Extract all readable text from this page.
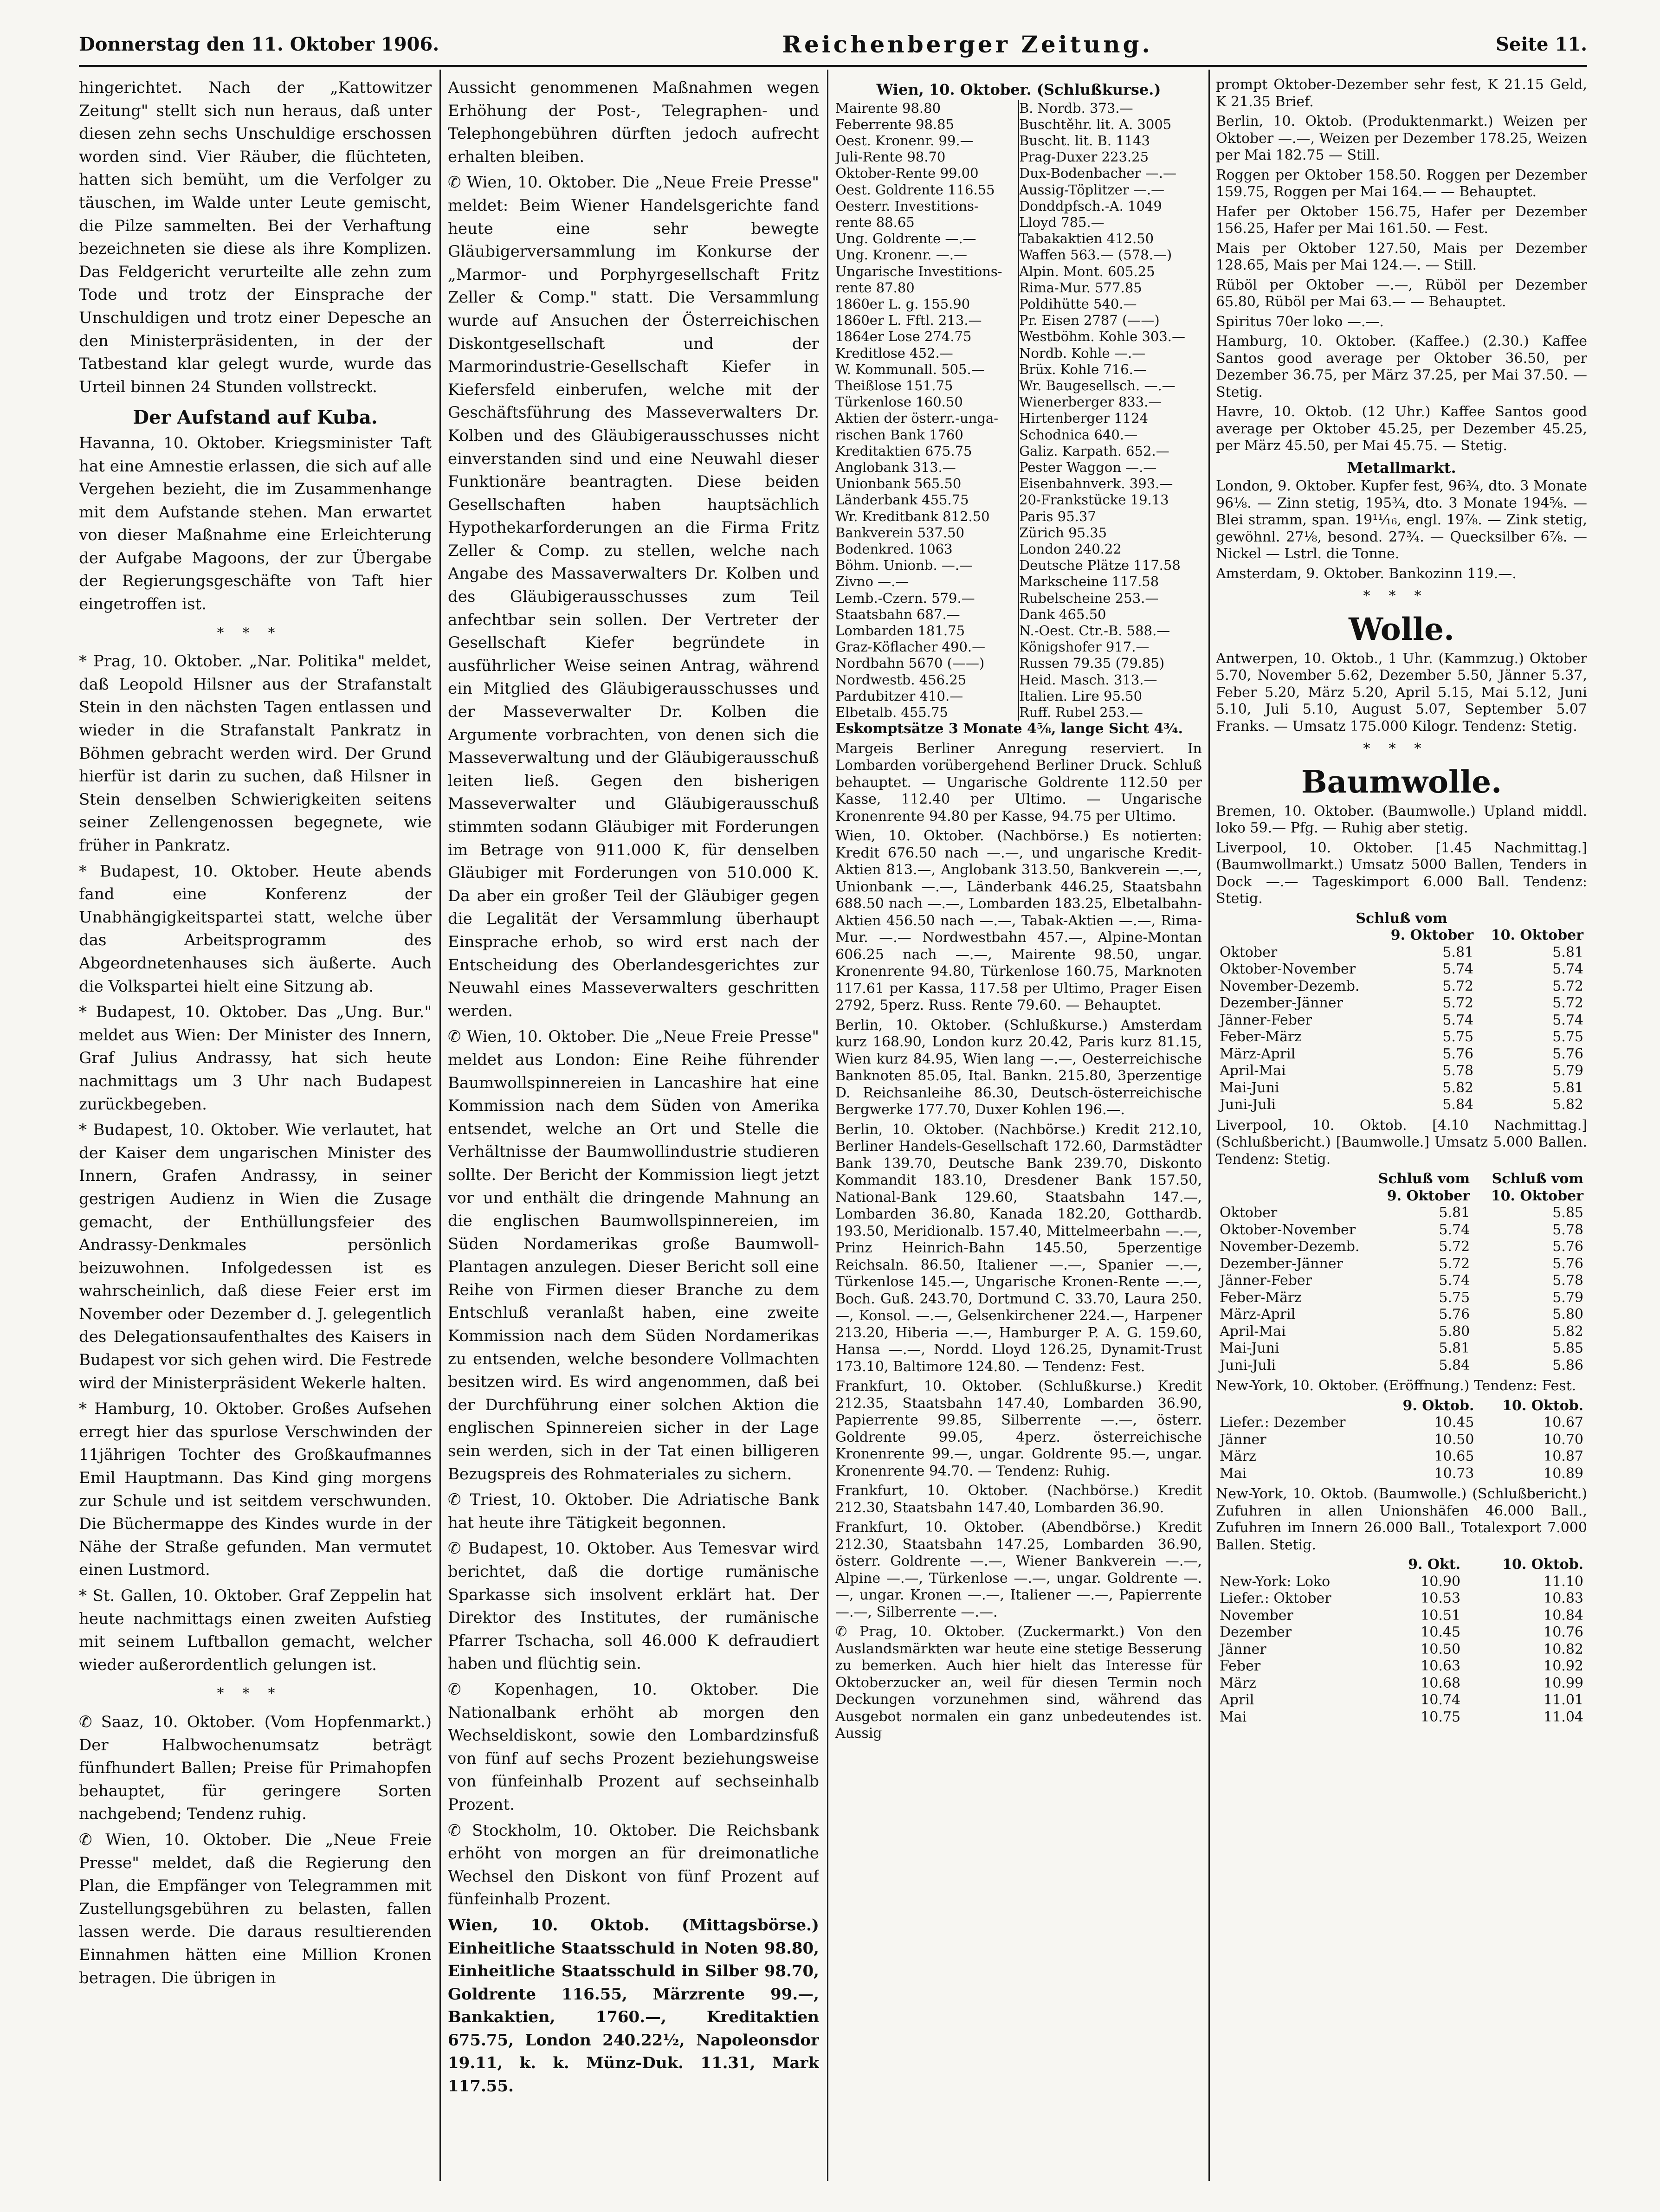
Donnerstag den 11. Oktober 1906.	Reichenberger Zeitung.	Seite 11.

hingerichtet. Nach der „Kattowitzer Zeitung" stellt sich nun heraus, daß unter diesen zehn sechs Unschuldige erschossen worden sind. Vier Räuber, die flüchteten, hatten sich bemüht, um die Verfolger zu täuschen, im Walde unter Leute gemischt, die Pilze sammelten. Bei der Verhaftung bezeichneten sie diese als ihre Komplizen. Das Feldgericht verurteilte alle zehn zum Tode und trotz der Einsprache der Unschuldigen und trotz einer Depesche an den Ministerpräsidenten, in der der Tatbestand klar gelegt wurde, wurde das Urteil binnen 24 Stunden vollstreckt.

Der Aufstand auf Kuba.

Havanna, 10. Oktober. Kriegsminister Taft hat eine Amnestie erlassen, die sich auf alle Vergehen bezieht, die im Zusammenhange mit dem Aufstande stehen. Man erwartet von dieser Maßnahme eine Erleichterung der Aufgabe Magoons, der zur Übergabe der Regierungsgeschäfte von Taft hier eingetroffen ist.

***

* Prag, 10. Oktober. „Nar. Politika" meldet, daß Leopold Hilsner aus der Strafanstalt Stein in den nächsten Tagen entlassen und wieder in die Strafanstalt Pankratz in Böhmen gebracht werden wird. Der Grund hierfür ist darin zu suchen, daß Hilsner in Stein denselben Schwierigkeiten seitens seiner Zellengenossen begegnete, wie früher in Pankratz.

* Budapest, 10. Oktober. Heute abends fand eine Konferenz der Unabhängigkeitspartei statt, welche über das Arbeitsprogramm des Abgeordnetenhauses sich äußerte. Auch die Volkspartei hielt eine Sitzung ab.

* Budapest, 10. Oktober. Das „Ung. Bur." meldet aus Wien: Der Minister des Innern, Graf Julius Andrassy, hat sich heute nachmittags um 3 Uhr nach Budapest zurückbegeben.

* Budapest, 10. Oktober. Wie verlautet, hat der Kaiser dem ungarischen Minister des Innern, Grafen Andrassy, in seiner gestrigen Audienz in Wien die Zusage gemacht, der Enthüllungsfeier des Andrassy-Denkmales persönlich beizuwohnen. Infolgedessen ist es wahrscheinlich, daß diese Feier erst im November oder Dezember d. J. gelegentlich des Delegationsaufenthaltes des Kaisers in Budapest vor sich gehen wird. Die Festrede wird der Ministerpräsident Wekerle halten.

* Hamburg, 10. Oktober. Großes Aufsehen erregt hier das spurlose Verschwinden der 11jährigen Tochter des Großkaufmannes Emil Hauptmann. Das Kind ging morgens zur Schule und ist seitdem verschwunden. Die Büchermappe des Kindes wurde in der Nähe der Straße gefunden. Man vermutet einen Lustmord.

* St. Gallen, 10. Oktober. Graf Zeppelin hat heute nachmittags einen zweiten Aufstieg mit seinem Luftballon gemacht, welcher wieder außerordentlich gelungen ist.

***

✆ Saaz, 10. Oktober. (Vom Hopfenmarkt.) Der Halbwochenumsatz beträgt fünfhundert Ballen; Preise für Primahopfen behauptet, für geringere Sorten nachgebend; Tendenz ruhig.

✆ Wien, 10. Oktober. Die „Neue Freie Presse" meldet, daß die Regierung den Plan, die Empfänger von Telegrammen mit Zustellungsgebühren zu belasten, fallen lassen werde. Die daraus resultierenden Einnahmen hätten eine Million Kronen betragen. Die übrigen in

Aussicht genommenen Maßnahmen wegen Erhöhung der Post-, Telegraphen- und Telephongebühren dürften jedoch aufrecht erhalten bleiben.

✆ Wien, 10. Oktober. Die „Neue Freie Presse" meldet: Beim Wiener Handelsgerichte fand heute eine sehr bewegte Gläubigerversammlung im Konkurse der „Marmor- und Porphyrgesellschaft Fritz Zeller & Comp." statt. Die Versammlung wurde auf Ansuchen der Österreichischen Diskontgesellschaft und der Marmorindustrie-Gesellschaft Kiefer in Kiefersfeld einberufen, welche mit der Geschäftsführung des Masseverwalters Dr. Kolben und des Gläubigerausschusses nicht einverstanden sind und eine Neuwahl dieser Funktionäre beantragten. Diese beiden Gesellschaften haben hauptsächlich Hypothekarforderungen an die Firma Fritz Zeller & Comp. zu stellen, welche nach Angabe des Massaverwalters Dr. Kolben und des Gläubigerausschusses zum Teil anfechtbar sein sollen. Der Vertreter der Gesellschaft Kiefer begründete in ausführlicher Weise seinen Antrag, während ein Mitglied des Gläubigerausschusses und der Masseverwalter Dr. Kolben die Argumente vorbrachten, von denen sich die Masseverwaltung und der Gläubigerausschuß leiten ließ. Gegen den bisherigen Masseverwalter und Gläubigerausschuß stimmten sodann Gläubiger mit Forderungen im Betrage von 911.000 K, für denselben Gläubiger mit Forderungen von 510.000 K. Da aber ein großer Teil der Gläubiger gegen die Legalität der Versammlung überhaupt Einsprache erhob, so wird erst nach der Entscheidung des Oberlandesgerichtes zur Neuwahl eines Masseverwalters geschritten werden.

✆ Wien, 10. Oktober. Die „Neue Freie Presse" meldet aus London: Eine Reihe führender Baumwollspinnereien in Lancashire hat eine Kommission nach dem Süden von Amerika entsendet, welche an Ort und Stelle die Verhältnisse der Baumwollindustrie studieren sollte. Der Bericht der Kommission liegt jetzt vor und enthält die dringende Mahnung an die englischen Baumwollspinnereien, im Süden Nordamerikas große Baumwoll-Plantagen anzulegen. Dieser Bericht soll eine Reihe von Firmen dieser Branche zu dem Entschluß veranlaßt haben, eine zweite Kommission nach dem Süden Nordamerikas zu entsenden, welche besondere Vollmachten besitzen wird. Es wird angenommen, daß bei der Durchführung einer solchen Aktion die englischen Spinnereien sicher in der Lage sein werden, sich in der Tat einen billigeren Bezugspreis des Rohmateriales zu sichern.

✆ Triest, 10. Oktober. Die Adriatische Bank hat heute ihre Tätigkeit begonnen.

✆ Budapest, 10. Oktober. Aus Temesvar wird berichtet, daß die dortige rumänische Sparkasse sich insolvent erklärt hat. Der Direktor des Institutes, der rumänische Pfarrer Tschacha, soll 46.000 K defraudiert haben und flüchtig sein.

✆ Kopenhagen, 10. Oktober. Die Nationalbank erhöht ab morgen den Wechseldiskont, sowie den Lombardzinsfuß von fünf auf sechs Prozent beziehungsweise von fünfeinhalb Prozent auf sechseinhalb Prozent.

✆ Stockholm, 10. Oktober. Die Reichsbank erhöht von morgen an für dreimonatliche Wechsel den Diskont von fünf Prozent auf fünfeinhalb Prozent.

Wien, 10. Oktob. (Mittagsbörse.) Einheitliche Staatsschuld in Noten 98.80, Einheitliche Staatsschuld in Silber 98.70, Goldrente 116.55, Märzrente 99.—, Bankaktien, 1760.—, Kreditaktien 675.75, London 240.22½, Napoleonsdor 19.11, k. k. Münz-Duk. 11.31, Mark 117.55.

Wien, 10. Oktober. (Schlußkurse.)
Mairente 98.80	B. Nordb. 373.—
Feberrente 98.85	Buschtěhr. lit. A. 3005
Oest. Kronenr. 99.—	Buscht. lit. B. 1143
Juli-Rente 98.70	Prag-Duxer 223.25
Oktober-Rente 99.00	Dux-Bodenbacher —.—
Oest. Goldrente 116.55	Aussig-Töplitzer —.—
Oesterr. Investitions-	Donddpfsch.-A. 1049
rente 88.65	Lloyd 785.—
Ung. Goldrente —.—	Tabakaktien 412.50
Ung. Kronenr. —.—	Waffen 563.— (578.—)
Ungarische Investitions-	Alpin. Mont. 605.25
rente 87.80	Rima-Mur. 577.85
1860er L. g. 155.90	Poldihütte 540.—
1860er L. Fftl. 213.—	Pr. Eisen 2787 (——)
1864er Lose 274.75	Westböhm. Kohle 303.—
Kreditlose 452.—	Nordb. Kohle —.—
W. Kommunall. 505.—	Brüx. Kohle 716.—
Theißlose 151.75	Wr. Baugesellsch. —.—
Türkenlose 160.50	Wienerberger 833.—
Aktien der österr.-unga-	Hirtenberger 1124
rischen Bank 1760	Schodnica 640.—
Kreditaktien 675.75	Galiz. Karpath. 652.—
Anglobank 313.—	Pester Waggon —.—
Unionbank 565.50	Eisenbahnverk. 393.—
Länderbank 455.75	20-Frankstücke 19.13
Wr. Kreditbank 812.50	Paris 95.37
Bankverein 537.50	Zürich 95.35
Bodenkred. 1063	London 240.22
Böhm. Unionb. —.—	Deutsche Plätze 117.58
Zivno —.—	Markscheine 117.58
Lemb.-Czern. 579.—	Rubelscheine 253.—
Staatsbahn 687.—	Dank 465.50
Lombarden 181.75	N.-Oest. Ctr.-B. 588.—
Graz-Köflacher 490.—	Königshofer 917.—
Nordbahn 5670 (——)	Russen 79.35 (79.85)
Nordwestb. 456.25	Heid. Masch. 313.—
Pardubitzer 410.—	Italien. Lire 95.50
Elbetalb. 455.75	Ruff. Rubel 253.—

Eskomptsätze 3 Monate 4⅝, lange Sicht 4¾.

Margeis Berliner Anregung reserviert. In Lombarden vorübergehend Berliner Druck. Schluß behauptet. — Ungarische Goldrente 112.50 per Kasse, 112.40 per Ultimo. — Ungarische Kronenrente 94.80 per Kasse, 94.75 per Ultimo.

Wien, 10. Oktober. (Nachbörse.) Es notierten: Kredit 676.50 nach —.—, und ungarische Kredit-Aktien 813.—, Anglobank 313.50, Bankverein —.—, Unionbank —.—, Länderbank 446.25, Staatsbahn 688.50 nach —.—, Lombarden 183.25, Elbetalbahn-Aktien 456.50 nach —.—, Tabak-Aktien —.—, Rima-Mur. —.— Nordwestbahn 457.—, Alpine-Montan 606.25 nach —.—, Mairente 98.50, ungar. Kronenrente 94.80, Türkenlose 160.75, Marknoten 117.61 per Kassa, 117.58 per Ultimo, Prager Eisen 2792, 5perz. Russ. Rente 79.60. — Behauptet.

Berlin, 10. Oktober. (Schlußkurse.) Amsterdam kurz 168.90, London kurz 20.42, Paris kurz 81.15, Wien kurz 84.95, Wien lang —.—, Oesterreichische Banknoten 85.05, Ital. Bankn. 215.80, 3perzentige D. Reichsanleihe 86.30, Deutsch-österreichische Bergwerke 177.70, Duxer Kohlen 196.—.

Berlin, 10. Oktober. (Nachbörse.) Kredit 212.10, Berliner Handels-Gesellschaft 172.60, Darmstädter Bank 139.70, Deutsche Bank 239.70, Diskonto Kommandit 183.10, Dresdener Bank 157.50, National-Bank 129.60, Staatsbahn 147.—, Lombarden 36.80, Kanada 182.20, Gotthardb. 193.50, Meridionalb. 157.40, Mittelmeerbahn —.—, Prinz Heinrich-Bahn 145.50, 5perzentige Reichsaln. 86.50, Italiener —.—, Spanier —.—, Türkenlose 145.—, Ungarische Kronen-Rente —.—, Boch. Guß. 243.70, Dortmund C. 33.70, Laura 250.—, Konsol. —.—, Gelsenkirchener 224.—, Harpener 213.20, Hiberia —.—, Hamburger P. A. G. 159.60, Hansa —.—, Nordd. Lloyd 126.25, Dynamit-Trust 173.10, Baltimore 124.80. — Tendenz: Fest.

Frankfurt, 10. Oktober. (Schlußkurse.) Kredit 212.35, Staatsbahn 147.40, Lombarden 36.90, Papierrente 99.85, Silberrente —.—, österr. Goldrente 99.05, 4perz. österreichische Kronenrente 99.—, ungar. Goldrente 95.—, ungar. Kronenrente 94.70. — Tendenz: Ruhig.

Frankfurt, 10. Oktober. (Nachbörse.) Kredit 212.30, Staatsbahn 147.40, Lombarden 36.90.

Frankfurt, 10. Oktober. (Abendbörse.) Kredit 212.30, Staatsbahn 147.25, Lombarden 36.90, österr. Goldrente —.—, Wiener Bankverein —.—, Alpine —.—, Türkenlose —.—, ungar. Goldrente —.—, ungar. Kronen —.—, Italiener —.—, Papierrente —.—, Silberrente —.—.

✆ Prag, 10. Oktober. (Zuckermarkt.) Von den Auslandsmärkten war heute eine stetige Besserung zu bemerken. Auch hier hielt das Interesse für Oktoberzucker an, weil für diesen Termin noch Deckungen vorzunehmen sind, während das Ausgebot normalen ein ganz unbedeutendes ist. Aussig

prompt Oktober-Dezember sehr fest, K 21.15 Geld, K 21.35 Brief.

Berlin, 10. Oktob. (Produktenmarkt.) Weizen per Oktober —.—, Weizen per Dezember 178.25, Weizen per Mai 182.75 — Still.

Roggen per Oktober 158.50. Roggen per Dezember 159.75, Roggen per Mai 164.— — Behauptet.

Hafer per Oktober 156.75, Hafer per Dezember 156.25, Hafer per Mai 161.50. — Fest.

Mais per Oktober 127.50, Mais per Dezember 128.65, Mais per Mai 124.—. — Still.

Rüböl per Oktober —.—, Rüböl per Dezember 65.80, Rüböl per Mai 63.— — Behauptet.

Spiritus 70er loko —.—.

Hamburg, 10. Oktober. (Kaffee.) (2.30.) Kaffee Santos good average per Oktober 36.50, per Dezember 36.75, per März 37.25, per Mai 37.50. — Stetig.

Havre, 10. Oktob. (12 Uhr.) Kaffee Santos good average per Oktober 45.25, per Dezember 45.25, per März 45.50, per Mai 45.75. — Stetig.

Metallmarkt.

London, 9. Oktober. Kupfer fest, 96¾, dto. 3 Monate 96⅛. — Zinn stetig, 195¾, dto. 3 Monate 194⅝. — Blei stramm, span. 19¹¹⁄₁₆, engl. 19⅞. — Zink stetig, gewöhnl. 27⅛, besond. 27¾. — Quecksilber 6⅞. — Nickel — Lstrl. die Tonne.

Amsterdam, 9. Oktober. Bankozinn 119.—.

***
Wolle.

Antwerpen, 10. Oktob., 1 Uhr. (Kammzug.) Oktober 5.70, November 5.62, Dezember 5.50, Jänner 5.37, Feber 5.20, März 5.20, April 5.15, Mai 5.12, Juni 5.10, Juli 5.10, August 5.07, September 5.07 Franks. — Umsatz 175.000 Kilogr. Tendenz: Stetig.

***
Baumwolle.

Bremen, 10. Oktober. (Baumwolle.) Upland middl. loko 59.— Pfg. — Ruhig aber stetig.

Liverpool, 10. Oktober. [1.45 Nachmittag.] (Baumwollmarkt.) Umsatz 5000 Ballen, Tenders in Dock —.— Tageskimport 6.000 Ball. Tendenz: Stetig.

Schluß vom		
	9. Oktober	10. Oktober
Oktober	5.81	5.81
Oktober-November	5.74	5.74
November-Dezemb.	5.72	5.72
Dezember-Jänner	5.72	5.72
Jänner-Feber	5.74	5.74
Feber-März	5.75	5.75
März-April	5.76	5.76
April-Mai	5.78	5.79
Mai-Juni	5.82	5.81
Juni-Juli	5.84	5.82

Liverpool, 10. Oktob. [4.10 Nachmittag.] (Schlußbericht.) [Baumwolle.] Umsatz 5.000 Ballen. Tendenz: Stetig.

	Schluß vom 9. Oktober	Schluß vom 10. Oktober
Oktober	5.81	5.85
Oktober-November	5.74	5.78
November-Dezemb.	5.72	5.76
Dezember-Jänner	5.72	5.76
Jänner-Feber	5.74	5.78
Feber-März	5.75	5.79
März-April	5.76	5.80
April-Mai	5.80	5.82
Mai-Juni	5.81	5.85
Juni-Juli	5.84	5.86

New-York, 10. Oktober. (Eröffnung.) Tendenz: Fest.

	9. Oktob.	10. Oktob.
Liefer.: Dezember	10.45	10.67
Jänner	10.50	10.70
März	10.65	10.87
Mai	10.73	10.89

New-York, 10. Oktob. (Baumwolle.) (Schlußbericht.) Zufuhren in allen Unionshäfen 46.000 Ball., Zufuhren im Innern 26.000 Ball., Totalexport 7.000 Ballen. Stetig.

	9. Okt.	10. Oktob.
New-York: Loko	10.90	11.10
Liefer.: Oktober	10.53	10.83
November	10.51	10.84
Dezember	10.45	10.76
Jänner	10.50	10.82
Feber	10.63	10.92
März	10.68	10.99
April	10.74	11.01
Mai	10.75	11.04
